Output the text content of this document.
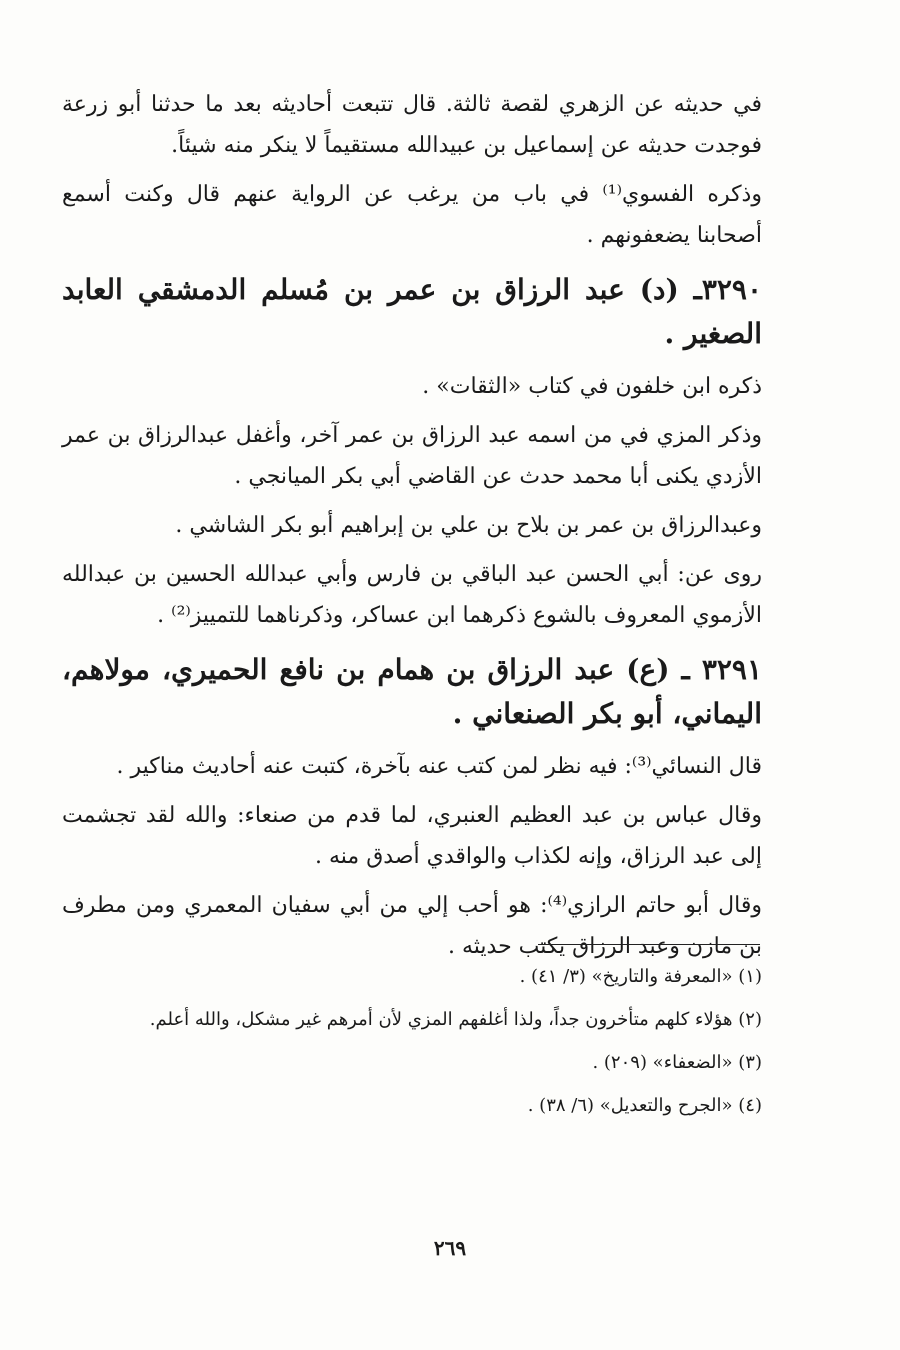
في حديثه عن الزهري لقصة ثالثة. قال تتبعت أحاديثه بعد ما حدثنا أبو زرعة فوجدت حديثه عن إسماعيل بن عبيدالله مستقيماً لا ينكر منه شيئاً.

وذكره الفسوي⁽¹⁾ في باب من يرغب عن الرواية عنهم قال وكنت أسمع أصحابنا يضعفونهم .

٣٢٩٠ـ (د) عبد الرزاق بن عمر بن مُسلم الدمشقي العابد الصغير .

ذكره ابن خلفون في كتاب «الثقات» .

وذكر المزي في من اسمه عبد الرزاق بن عمر آخر، وأغفل عبدالرزاق بن عمر الأزدي يكنى أبا محمد حدث عن القاضي أبي بكر الميانجي .

وعبدالرزاق بن عمر بن بلاح بن علي بن إبراهيم أبو بكر الشاشي .

روى عن: أبي الحسن عبد الباقي بن فارس وأبي عبدالله الحسين بن عبدالله الأزموي المعروف بالشوع ذكرهما ابن عساكر، وذكرناهما للتمييز⁽²⁾ .

٣٢٩١ ـ (ع) عبد الرزاق بن همام بن نافع الحميري، مولاهم، اليماني، أبو بكر الصنعاني .

قال النسائي⁽³⁾: فيه نظر لمن كتب عنه بآخرة، كتبت عنه أحاديث مناكير .

وقال عباس بن عبد العظيم العنبري، لما قدم من صنعاء: والله لقد تجشمت إلى عبد الرزاق، وإنه لكذاب والواقدي أصدق منه .

وقال أبو حاتم الرازي⁽⁴⁾: هو أحب إلي من أبي سفيان المعمري ومن مطرف بن مازن وعبد الرزاق يكتب حديثه .

(١) «المعرفة والتاريخ» (٣/ ٤١) .

(٢) هؤلاء كلهم متأخرون جداً، ولذا أغلفهم المزي لأن أمرهم غير مشكل، والله أعلم.

(٣) «الضعفاء» (٢٠٩) .

(٤) «الجرح والتعديل» (٦/ ٣٨) .

٢٦٩
